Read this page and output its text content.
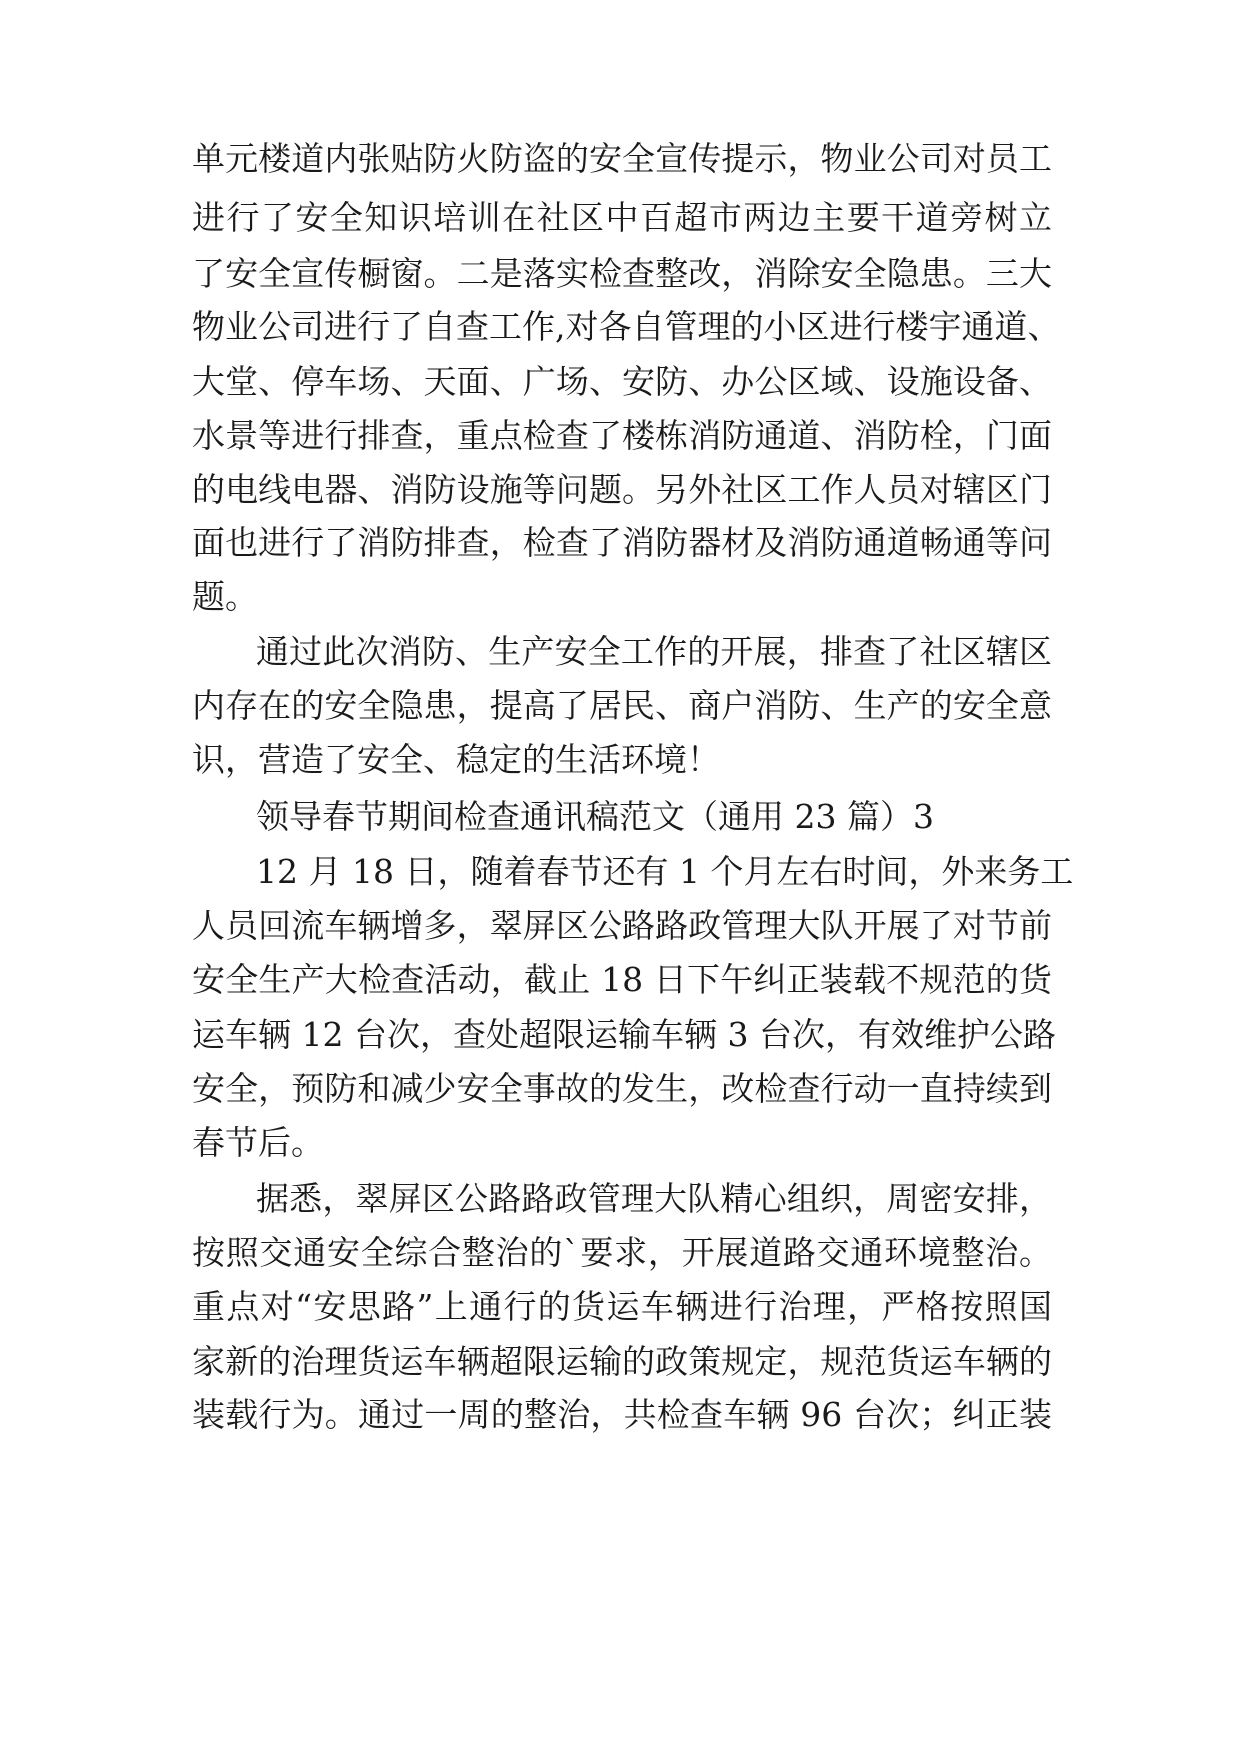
单元楼道内张贴防火防盗的安全宣传提示，物业公司对员工
进行了安全知识培训在社区中百超市两边主要干道旁树立
了安全宣传橱窗。二是落实检查整改，消除安全隐患。三大
物业公司进行了自查工作,对各自管理的小区进行楼宇通道、
大堂、停车场、天面、广场、安防、办公区域、设施设备、
水景等进行排查，重点检查了楼栋消防通道、消防栓，门面
的电线电器、消防设施等问题。另外社区工作人员对辖区门
面也进行了消防排查，检查了消防器材及消防通道畅通等问
题。
通过此次消防、生产安全工作的开展，排查了社区辖区
内存在的安全隐患，提高了居民、商户消防、生产的安全意
识，营造了安全、稳定的生活环境！
领导春节期间检查通讯稿范文（通用 23 篇）3
12 月 18 日，随着春节还有 1 个月左右时间，外来务工
人员回流车辆增多，翠屏区公路路政管理大队开展了对节前
安全生产大检查活动，截止 18 日下午纠正装载不规范的货
运车辆 12 台次，查处超限运输车辆 3 台次，有效维护公路
安全，预防和减少安全事故的发生，改检查行动一直持续到
春节后。
据悉，翠屏区公路路政管理大队精心组织，周密安排，
按照交通安全综合整治的`要求，开展道路交通环境整治。
重点对“安思路”上通行的货运车辆进行治理，严格按照国
家新的治理货运车辆超限运输的政策规定，规范货运车辆的
装载行为。通过一周的整治，共检查车辆 96 台次；纠正装
